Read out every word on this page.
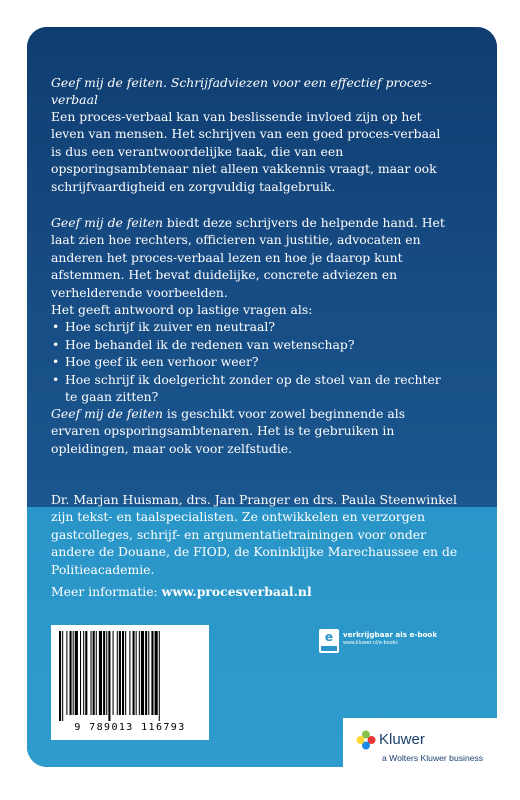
Geef mij de feiten. Schrijfadviezen voor een effectief proces-verbaal

Een proces-verbaal kan van beslissende invloed zijn op het leven van mensen. Het schrijven van een goed proces-verbaal is dus een verantwoordelijke taak, die van een opsporingsambtenaar niet alleen vakkennis vraagt, maar ook schrijfvaardigheid en zorgvuldig taalgebruik.

Geef mij de feiten biedt deze schrijvers de helpende hand. Het laat zien hoe rechters, officieren van justitie, advocaten en anderen het proces-verbaal lezen en hoe je daarop kunt afstemmen. Het bevat duidelijke, concrete adviezen en verhelderende voorbeelden.

Het geeft antwoord op lastige vragen als:

• Hoe schrijf ik zuiver en neutraal?
• Hoe behandel ik de redenen van wetenschap?
• Hoe geef ik een verhoor weer?
• Hoe schrijf ik doelgericht zonder op de stoel van de rechter te gaan zitten?

Geef mij de feiten is geschikt voor zowel beginnende als ervaren opsporingsambtenaren. Het is te gebruiken in opleidingen, maar ook voor zelfstudie.

Dr. Marjan Huisman, drs. Jan Pranger en drs. Paula Steenwinkel zijn tekst- en taalspecialisten. Ze ontwikkelen en verzorgen gastcolleges, schrijf- en argumentatietrainingen voor onder andere de Douane, de FIOD, de Koninklijke Marechaussee en de Politieacademie.

Meer informatie: www.procesverbaal.nl
9 789013 116793
e	verkrijgbaar als e-book
www.kluwer.nl/e-books
Kluwer
a Wolters Kluwer business
